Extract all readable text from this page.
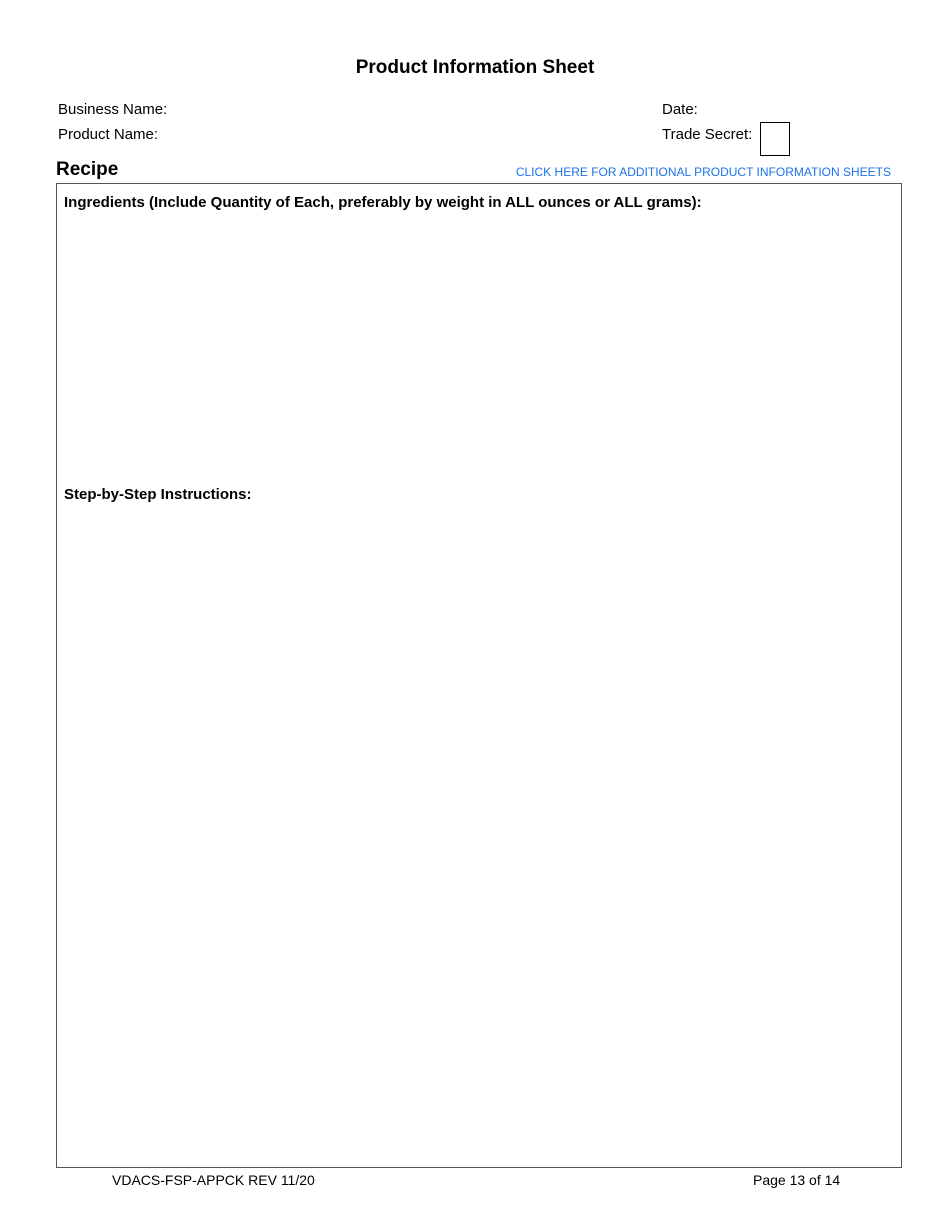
Product Information Sheet
Business Name:
Product Name:
Date:
Trade Secret:
Recipe	CLICK HERE FOR ADDITIONAL PRODUCT INFORMATION SHEETS
Ingredients (Include Quantity of Each, preferably by weight in ALL ounces or ALL grams):
Step-by-Step Instructions:
VDACS-FSP-APPCK REV 11/20	Page 13 of 14
